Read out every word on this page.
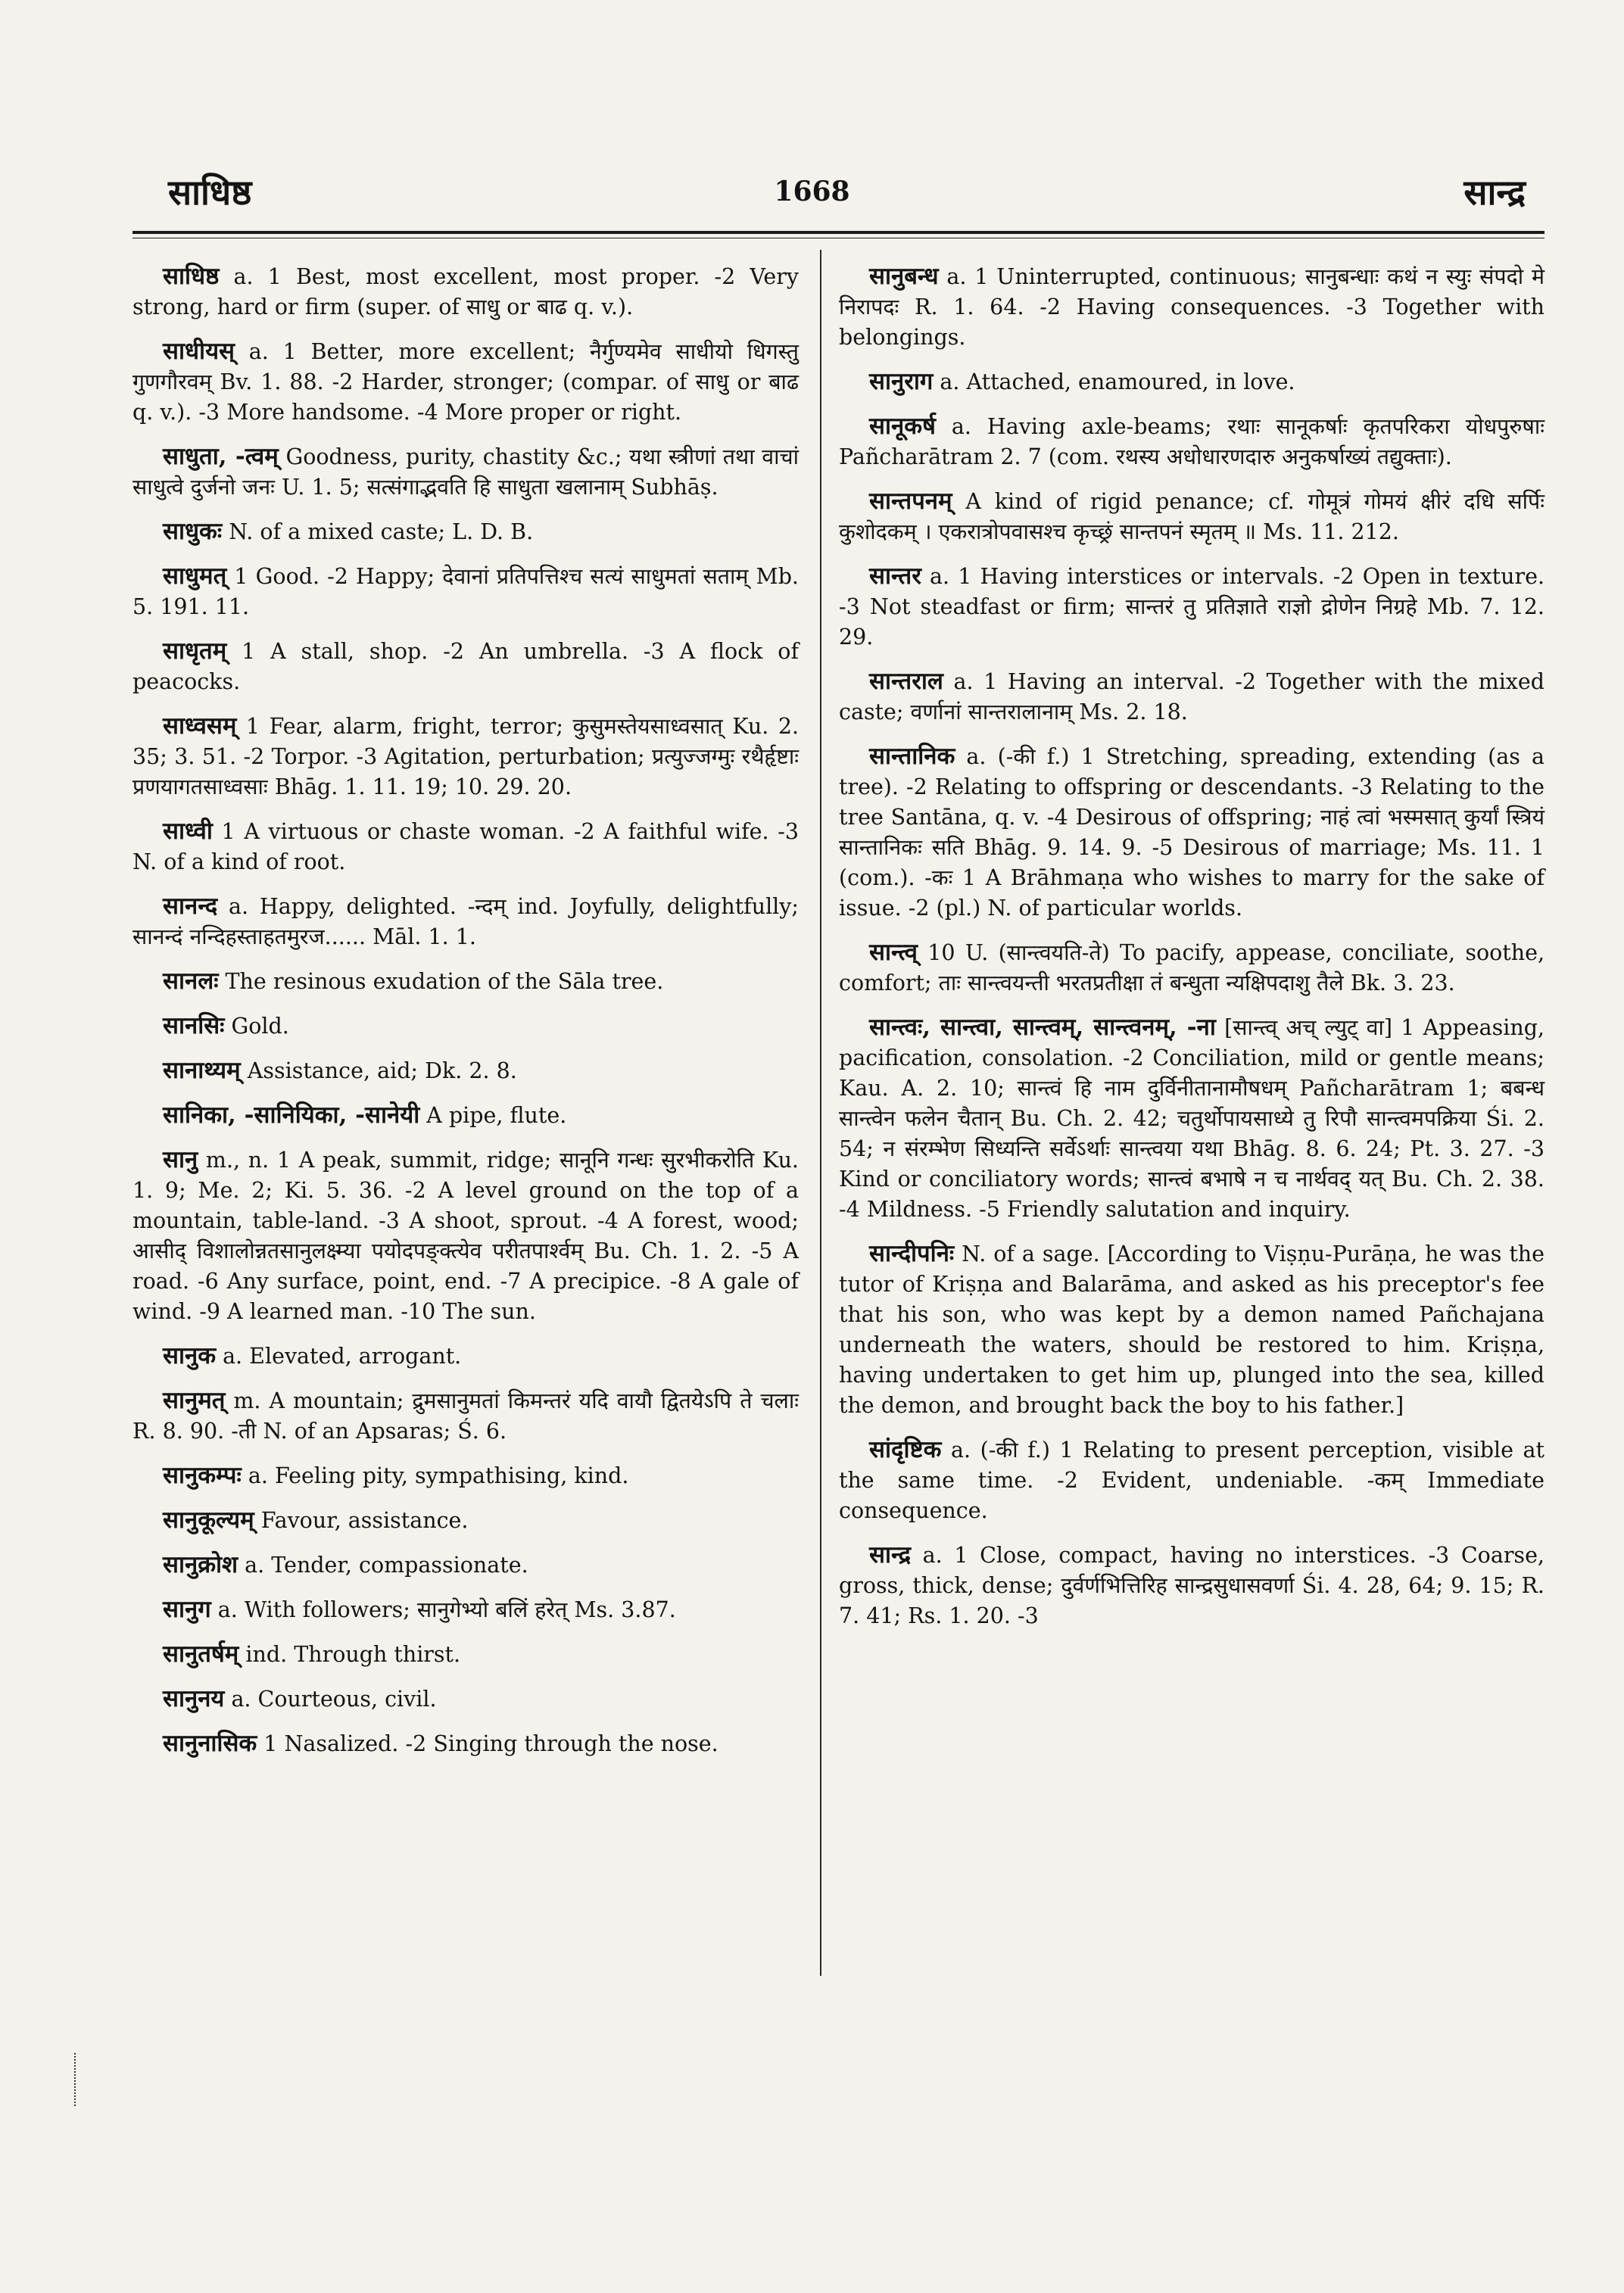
साधिष्ठ	1668	सान्द्र

साधिष्ठ a. 1 Best, most excellent, most proper. -2 Very strong, hard or firm (super. of साधु or बाढ q. v.).

साधीयस् a. 1 Better, more excellent; नैर्गुण्यमेव साधीयो धिगस्तु गुणगौरवम् Bv. 1. 88. -2 Harder, stronger; (compar. of साधु or बाढ q. v.). -3 More handsome. -4 More proper or right.

साधुता, -त्वम् Goodness, purity, chastity &c.; यथा स्त्रीणां तथा वाचां साधुत्वे दुर्जनो जनः U. 1. 5; सत्संगाद्भवति हि साधुता खलानाम् Subhāṣ.

साधुकः N. of a mixed caste; L. D. B.

साधुमत् 1 Good. -2 Happy; देवानां प्रतिपत्तिश्च सत्यं साधुमतां सताम् Mb. 5. 191. 11.

साधृतम् 1 A stall, shop. -2 An umbrella. -3 A flock of peacocks.

साध्वसम् 1 Fear, alarm, fright, terror; कुसुमस्तेयसाध्वसात् Ku. 2. 35; 3. 51. -2 Torpor. -3 Agitation, perturbation; प्रत्युज्जग्मुः रथैर्हृष्टाः प्रणयागतसाध्वसाः Bhāg. 1. 11. 19; 10. 29. 20.

साध्वी 1 A virtuous or chaste woman. -2 A faithful wife. -3 N. of a kind of root.

सानन्द a. Happy, delighted. -न्दम् ind. Joyfully, delightfully; सानन्दं नन्दिहस्ताहतमुरज...... Māl. 1. 1.

सानलः The resinous exudation of the Sāla tree.

सानसिः Gold.

सानाथ्यम् Assistance, aid; Dk. 2. 8.

सानिका, -सानियिका, -सानेयी A pipe, flute.

सानु m., n. 1 A peak, summit, ridge; सानूनि गन्धः सुरभीकरोति Ku. 1. 9; Me. 2; Ki. 5. 36. -2 A level ground on the top of a mountain, table-land. -3 A shoot, sprout. -4 A forest, wood; आसीद् विशालोन्नतसानुलक्ष्म्या पयोदपङ्क्त्येव परीतपार्श्वम् Bu. Ch. 1. 2. -5 A road. -6 Any surface, point, end. -7 A precipice. -8 A gale of wind. -9 A learned man. -10 The sun.

सानुक a. Elevated, arrogant.

सानुमत् m. A mountain; द्रुमसानुमतां किमन्तरं यदि वायौ द्वितयेऽपि ते चलाः R. 8. 90. -ती N. of an Apsaras; Ś. 6.

सानुकम्पः a. Feeling pity, sympathising, kind.

सानुकूल्यम् Favour, assistance.

सानुक्रोश a. Tender, compassionate.

सानुग a. With followers; सानुगेभ्यो बलिं हरेत् Ms. 3.87.

सानुतर्षम् ind. Through thirst.

सानुनय a. Courteous, civil.

सानुनासिक 1 Nasalized. -2 Singing through the nose.

सानुबन्ध a. 1 Uninterrupted, continuous; सानुबन्धाः कथं न स्युः संपदो मे निरापदः R. 1. 64. -2 Having consequences. -3 Together with belongings.

सानुराग a. Attached, enamoured, in love.

सानूकर्ष a. Having axle-beams; रथाः सानूकर्षाः कृतपरिकरा योधपुरुषाः Pañcharātram 2. 7 (com. रथस्य अधोधारणदारु अनुकर्षाख्यं तद्युक्ताः).

सान्तपनम् A kind of rigid penance; cf. गोमूत्रं गोमयं क्षीरं दधि सर्पिः कुशोदकम् । एकरात्रोपवासश्च कृच्छ्रं सान्तपनं स्मृतम् ॥ Ms. 11. 212.

सान्तर a. 1 Having interstices or intervals. -2 Open in texture. -3 Not steadfast or firm; सान्तरं तु प्रतिज्ञाते राज्ञो द्रोणेन निग्रहे Mb. 7. 12. 29.

सान्तराल a. 1 Having an interval. -2 Together with the mixed caste; वर्णानां सान्तरालानाम् Ms. 2. 18.

सान्तानिक a. (-की f.) 1 Stretching, spreading, extending (as a tree). -2 Relating to offspring or descendants. -3 Relating to the tree Santāna, q. v. -4 Desirous of offspring; नाहं त्वां भस्मसात् कुर्यां स्त्रियं सान्तानिकः सति Bhāg. 9. 14. 9. -5 Desirous of marriage; Ms. 11. 1 (com.). -कः 1 A Brāhmaṇa who wishes to marry for the sake of issue. -2 (pl.) N. of particular worlds.

सान्त्व् 10 U. (सान्त्वयति-ते) To pacify, appease, conciliate, soothe, comfort; ताः सान्त्वयन्ती भरतप्रतीक्षा तं बन्धुता न्यक्षिपदाशु तैले Bk. 3. 23.

सान्त्वः, सान्त्वा, सान्त्वम्, सान्त्वनम्, -ना [सान्त्व् अच् ल्युट् वा] 1 Appeasing, pacification, consolation. -2 Conciliation, mild or gentle means; Kau. A. 2. 10; सान्त्वं हि नाम दुर्विनीतानामौषधम् Pañcharātram 1; बबन्ध सान्त्वेन फलेन चैतान् Bu. Ch. 2. 42; चतुर्थोपायसाध्ये तु रिपौ सान्त्वमपक्रिया Śi. 2. 54; न संरम्भेण सिध्यन्ति सर्वेऽर्थाः सान्त्वया यथा Bhāg. 8. 6. 24; Pt. 3. 27. -3 Kind or conciliatory words; सान्त्वं बभाषे न च नार्थवद् यत् Bu. Ch. 2. 38. -4 Mildness. -5 Friendly salutation and inquiry.

सान्दीपनिः N. of a sage. [According to Viṣṇu-Purāṇa, he was the tutor of Kriṣṇa and Balarāma, and asked as his preceptor's fee that his son, who was kept by a demon named Pañchajana underneath the waters, should be restored to him. Kriṣṇa, having undertaken to get him up, plunged into the sea, killed the demon, and brought back the boy to his father.]

सांदृष्टिक a. (-की f.) 1 Relating to present perception, visible at the same time. -2 Evident, undeniable. -कम् Immediate consequence.

सान्द्र a. 1 Close, compact, having no interstices. -3 Coarse, gross, thick, dense; दुर्वर्णभित्तिरिह सान्द्रसुधासवर्णा Śi. 4. 28, 64; 9. 15; R. 7. 41; Rs. 1. 20. -3
